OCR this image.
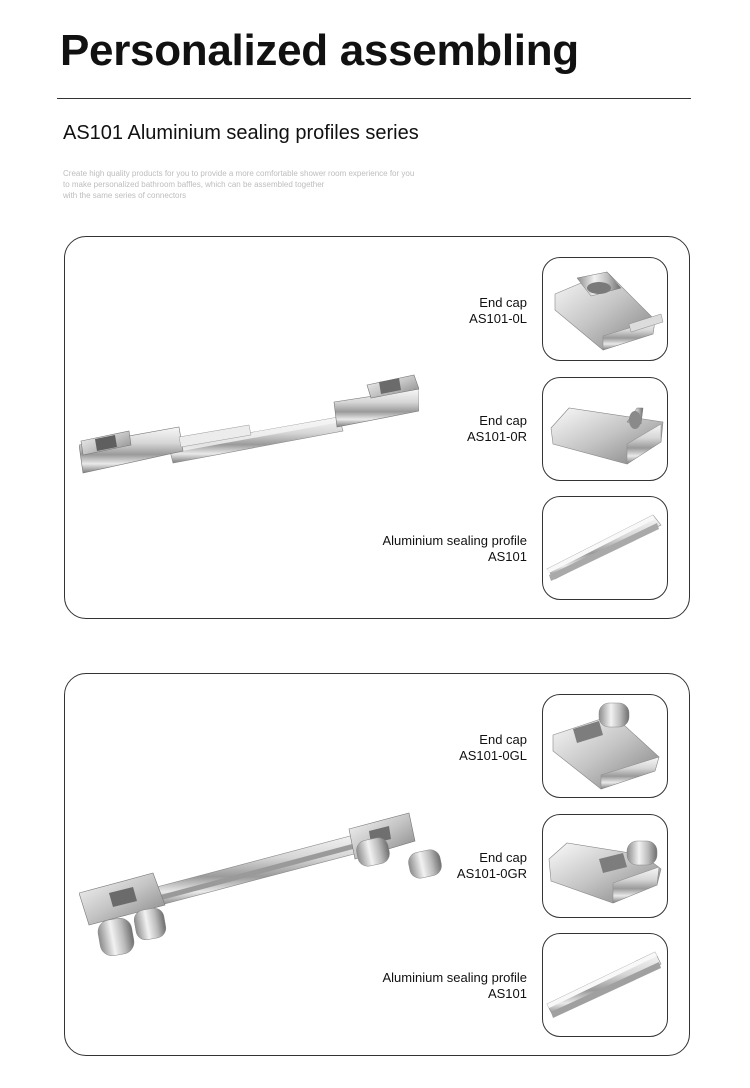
Personalized assembling
AS101 Aluminium sealing profiles series
Create high quality products for you to provide a more comfortable shower room experience for you
to make personalized bathroom baffles, which can be assembled together
with the same series of connectors
End cap
AS101-0L
End cap
AS101-0R
Aluminium sealing profile
AS101
End cap
AS101-0GL
End cap
AS101-0GR
Aluminium sealing profile
AS101
